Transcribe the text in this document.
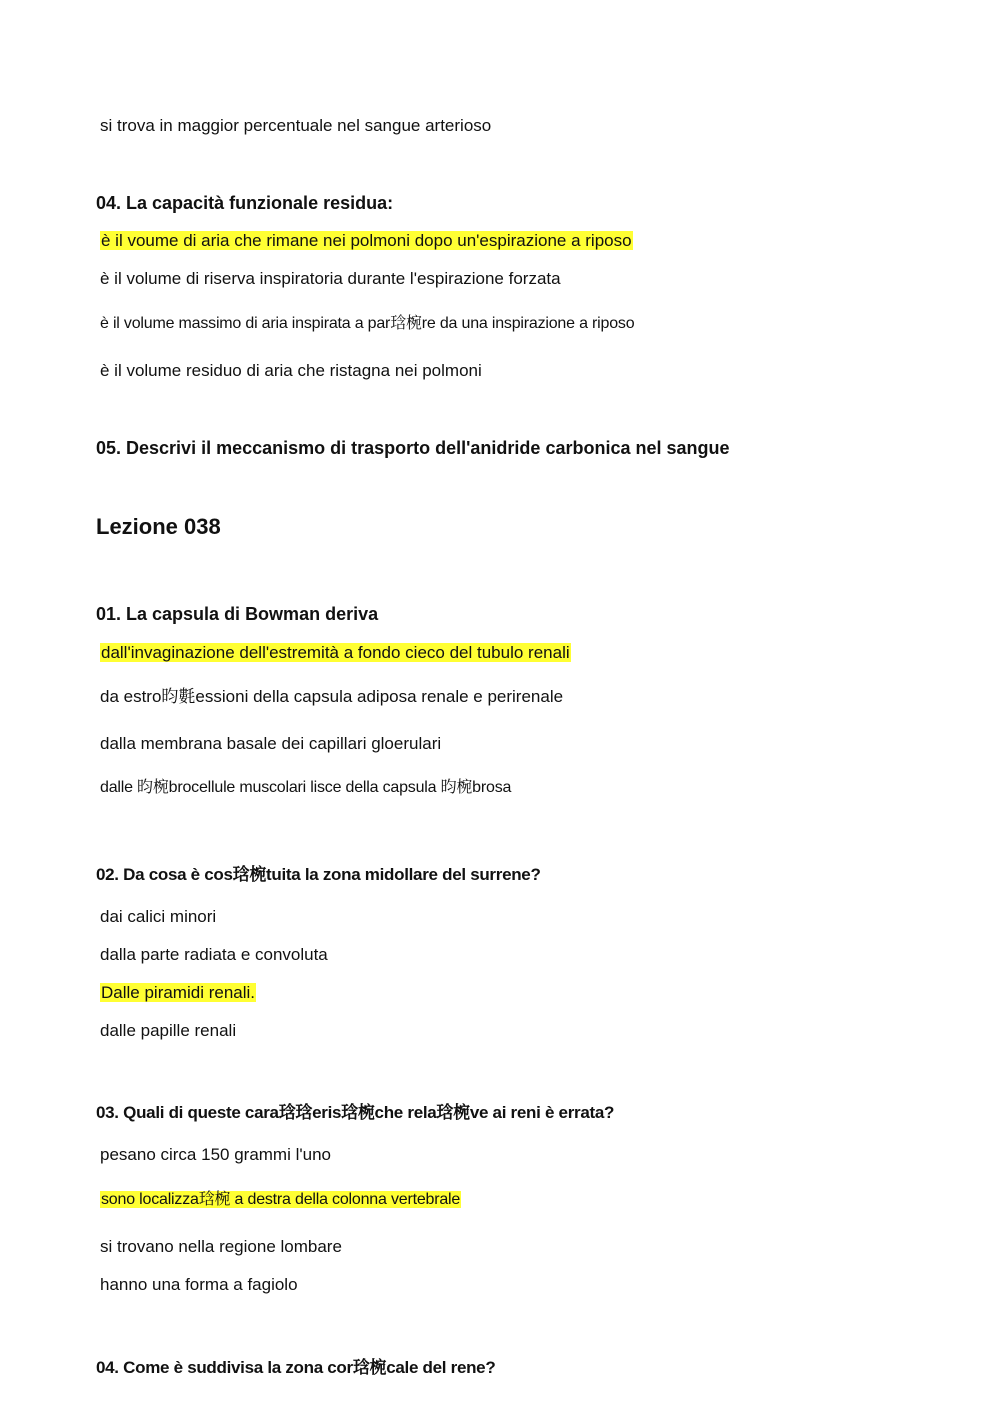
si trova in maggior percentuale nel sangue arterioso
04. La capacità funzionale residua:
è il voume di aria che rimane nei polmoni dopo un'espirazione a riposo
è il volume di riserva inspiratoria durante l'espirazione forzata
è il volume massimo di aria inspirata a par琀椀re da una inspirazione a riposo
è il volume residuo di aria che ristagna nei polmoni
05. Descrivi il meccanismo di trasporto dell'anidride carbonica nel sangue
Lezione 038
01. La capsula di Bowman deriva
dall'invaginazione dell'estremità a fondo cieco del tubulo renali
da estro昀氀essioni della capsula adiposa renale e perirenale
dalla membrana basale dei capillari gloerulari
dalle 昀椀brocellule muscolari lisce della capsula 昀椀brosa
02. Da cosa è cos琀椀tuita la zona midollare del surrene?
dai calici minori
dalla parte radiata e convoluta
Dalle piramidi renali.
dalle papille renali
03. Quali di queste cara琀琀eris琀椀che rela琀椀ve ai reni è errata?
pesano circa 150 grammi l'uno
sono localizza琀椀 a destra della colonna vertebrale
si trovano nella regione lombare
hanno una forma a fagiolo
04. Come è suddivisa la zona cor琀椀cale del rene?
